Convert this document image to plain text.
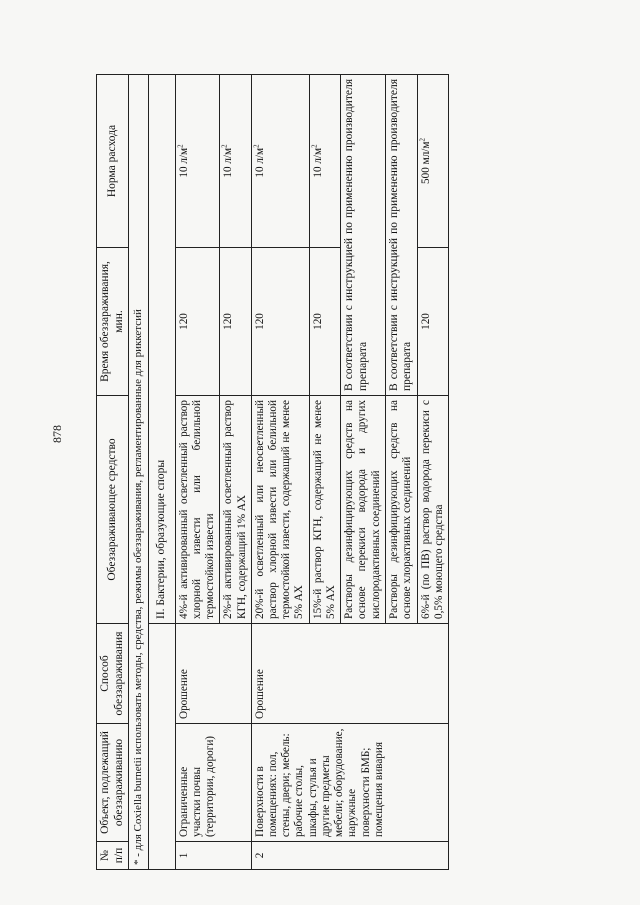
878
№ п/п	Объект, подлежащий обеззараживанию	Способ обеззараживания	Обеззараживающее средство	Время обеззараживания, мин.	Норма расхода
* - для Coxiella burnetii использовать методы, средства, режимы обеззараживания, регламентированные для риккетсий					
			II. Бактерии, образующие споры		
1	Ограниченные участки почвы (территории, дороги)	Орошение	4%-й активированный осветленный раствор хлорной извести или белильной термостойкой извести	120	10 $л/м^2$
			2%-й активированный осветленный раствор КГН, содержащий 1% АХ	120	10 $л/м^2$
2	Поверхности в помещениях: пол, стены, двери; мебель: рабочие столы, шкафы, стулья и другие предметы мебели; оборудование, наружные поверхности БМБ; помещения вивария	Орошение	20%-й осветленный или неосветленный раствор хлорной извести или белильной термостойкой извести, содержащий не менее 5% АХ	120	10 $л/м^2$
			15%-й раствор КГН, содержащий не менее 5% АХ	120	10 $л/м^2$
			Растворы дезинфицирующих средств на основе перекиси водорода и других кислородактивных соединений	В соответствии с инструкцией по применению производителя препарата	
			Растворы дезинфицирующих средств на основе хлорактивных соединений	В соответствии с инструкцией по применению производителя препарата	
			6%-й (по ПВ) раствор водорода перекиси с 0,5% моющего средства	120	500 $мл/м^2$
